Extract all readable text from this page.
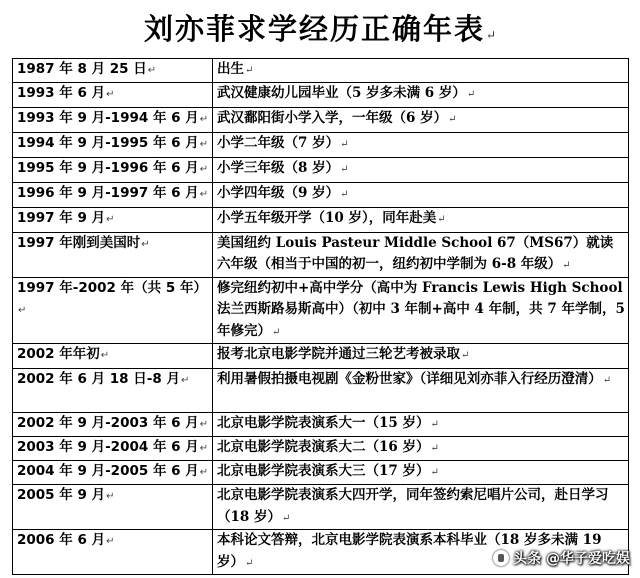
刘亦菲求学经历正确年表↵
1987 年 8 月 25 日↵	出生↵
1993 年 6 月↵	武汉健康幼儿园毕业（5 岁多未满 6 岁）↵
1993 年 9 月-1994 年 6 月↵	武汉鄱阳街小学入学，一年级（6 岁）↵
1994 年 9 月-1995 年 6 月↵	小学二年级（7 岁）↵
1995 年 9 月-1996 年 6 月↵	小学三年级（8 岁）↵
1996 年 9 月-1997 年 6 月↵	小学四年级（9 岁）↵
1997 年 9 月↵	小学五年级开学（10 岁），同年赴美↵
1997 年刚到美国时↵	美国纽约 Louis Pasteur Middle School 67（MS67）就读六年级（相当于中国的初一，纽约初中学制为 6-8 年级）↵
1997 年-2002 年（共 5 年）↵	修完纽约初中+高中学分（高中为 Francis Lewis High School 法兰西斯路易斯高中）（初中 3 年制+高中 4 年制，共 7 年学制，5 年修完）↵
2002 年年初↵	报考北京电影学院并通过三轮艺考被录取↵
2002 年 6 月 18 日-8 月↵	利用暑假拍摄电视剧《金粉世家》（详细见刘亦菲入行经历澄清）↵
2002 年 9 月-2003 年 6 月↵	北京电影学院表演系大一（15 岁）↵
2003 年 9 月-2004 年 6 月↵	北京电影学院表演系大二（16 岁）↵
2004 年 9 月-2005 年 6 月↵	北京电影学院表演系大三（17 岁）↵
2005 年 9 月↵	北京电影学院表演系大四开学，同年签约索尼唱片公司，赴日学习（18 岁）↵
2006 年 6 月↵	本科论文答辩，北京电影学院表演系本科毕业（18 岁多未满 19 岁）↵	头条 @华子爱吃娱
